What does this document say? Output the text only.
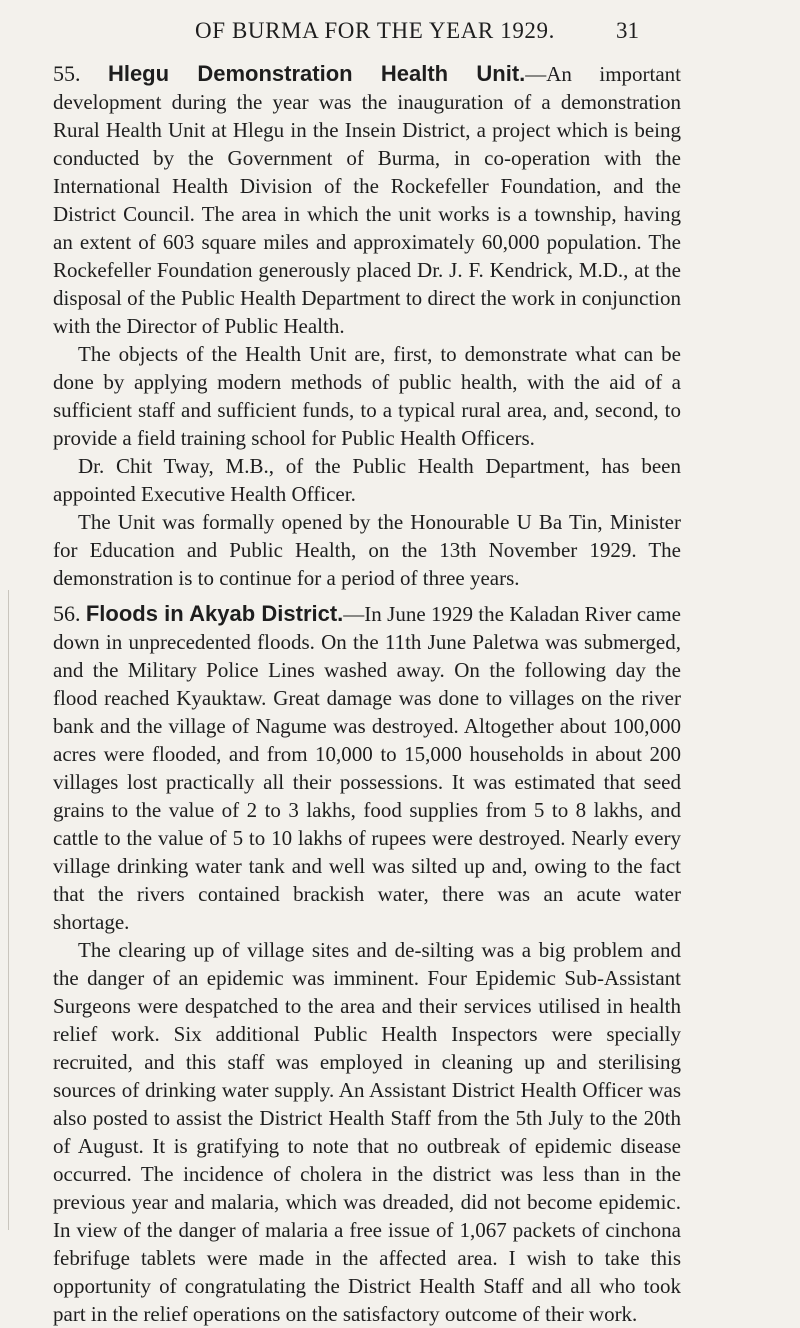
OF BURMA FOR THE YEAR 1929.	31

55. Hlegu Demonstration Health Unit.—An important development during the year was the inauguration of a demonstration Rural Health Unit at Hlegu in the Insein District, a project which is being conducted by the Government of Burma, in co-operation with the International Health Division of the Rockefeller Foundation, and the District Council. The area in which the unit works is a township, having an extent of 603 square miles and approximately 60,000 population. The Rockefeller Foundation generously placed Dr. J. F. Kendrick, M.D., at the disposal of the Public Health Department to direct the work in conjunction with the Director of Public Health.

The objects of the Health Unit are, first, to demonstrate what can be done by applying modern methods of public health, with the aid of a sufficient staff and sufficient funds, to a typical rural area, and, second, to provide a field training school for Public Health Officers.

Dr. Chit Tway, M.B., of the Public Health Department, has been appointed Executive Health Officer.

The Unit was formally opened by the Honourable U Ba Tin, Minister for Education and Public Health, on the 13th November 1929. The demonstration is to continue for a period of three years.

56. Floods in Akyab District.—In June 1929 the Kaladan River came down in unprecedented floods. On the 11th June Paletwa was submerged, and the Military Police Lines washed away. On the following day the flood reached Kyauktaw. Great damage was done to villages on the river bank and the village of Nagume was destroyed. Altogether about 100,000 acres were flooded, and from 10,000 to 15,000 households in about 200 villages lost practically all their possessions. It was estimated that seed grains to the value of 2 to 3 lakhs, food supplies from 5 to 8 lakhs, and cattle to the value of 5 to 10 lakhs of rupees were destroyed. Nearly every village drinking water tank and well was silted up and, owing to the fact that the rivers contained brackish water, there was an acute water shortage.

The clearing up of village sites and de-silting was a big problem and the danger of an epidemic was imminent. Four Epidemic Sub-Assistant Surgeons were despatched to the area and their services utilised in health relief work. Six additional Public Health Inspectors were specially recruited, and this staff was employed in cleaning up and sterilising sources of drinking water supply. An Assistant District Health Officer was also posted to assist the District Health Staff from the 5th July to the 20th of August. It is gratifying to note that no outbreak of epidemic disease occurred. The incidence of cholera in the district was less than in the previous year and malaria, which was dreaded, did not become epidemic. In view of the danger of malaria a free issue of 1,067 packets of cinchona febrifuge tablets were made in the affected area. I wish to take this opportunity of congratulating the District Health Staff and all who took part in the relief operations on the satisfactory outcome of their work.
